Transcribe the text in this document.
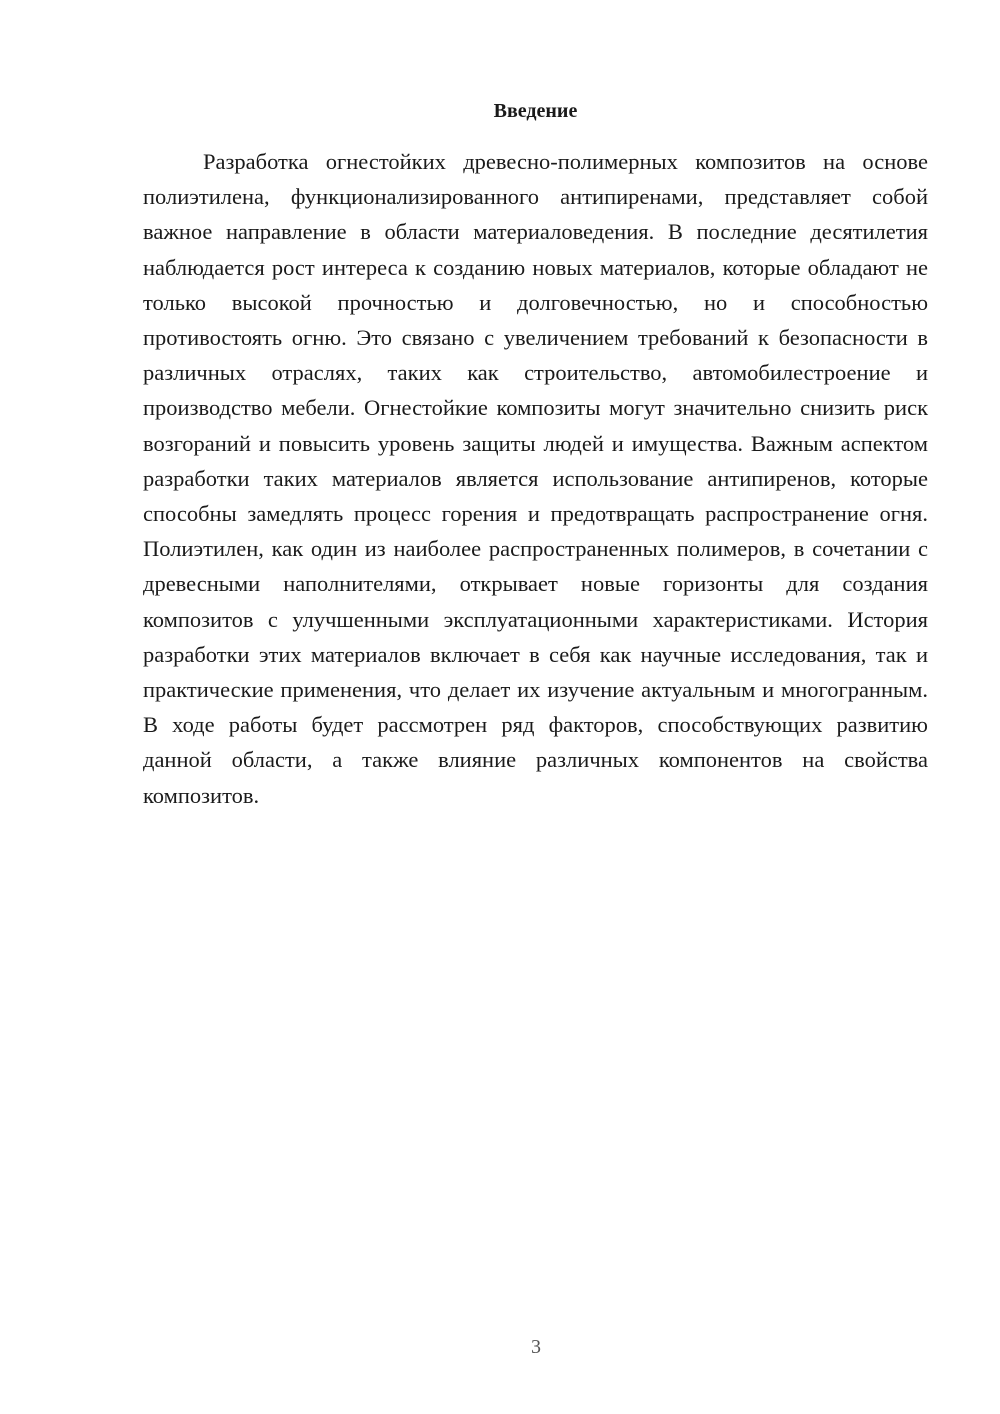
Введение

Разработка огнестойких древесно-полимерных композитов на основе полиэтилена, функционализированного антипиренами, представляет собой важное направление в области материаловедения. В последние десятилетия наблюдается рост интереса к созданию новых материалов, которые обладают не только высокой прочностью и долговечностью, но и способностью противостоять огню. Это связано с увеличением требований к безопасности в различных отраслях, таких как строительство, автомобилестроение и производство мебели. Огнестойкие композиты могут значительно снизить риск возгораний и повысить уровень защиты людей и имущества. Важным аспектом разработки таких материалов является использование антипиренов, которые способны замедлять процесс горения и предотвращать распространение огня. Полиэтилен, как один из наиболее распространенных полимеров, в сочетании с древесными наполнителями, открывает новые горизонты для создания композитов с улучшенными эксплуатационными характеристиками. История разработки этих материалов включает в себя как научные исследования, так и практические применения, что делает их изучение актуальным и многогранным. В ходе работы будет рассмотрен ряд факторов, способствующих развитию данной области, а также влияние различных компонентов на свойства композитов.

3
